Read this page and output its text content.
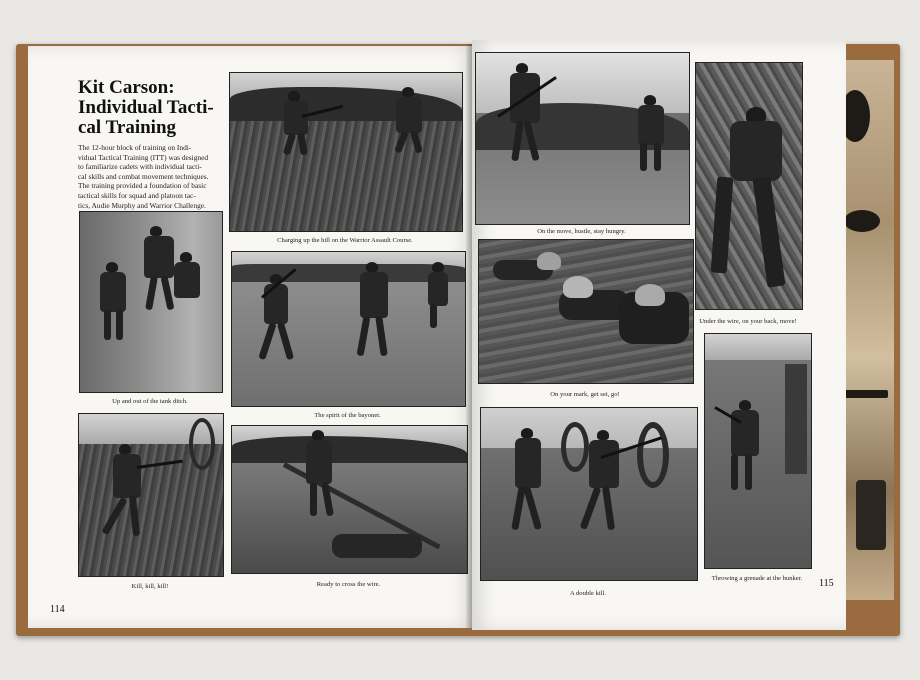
Kit Carson:
Individual Tacti-
cal Training
The 12-hour block of training on Indi-
vidual Tactical Training (ITT) was designed
to familiarize cadets with individual tacti-
cal skills and combat movement techniques.
The training provided a foundation of basic
tactical skills for squad and platoon tac-
tics, Audie Murphy and Warrior Challenge.
Charging up the hill on the Warrior Assault Course.
Up and out of the tank ditch.
The spirit of the bayonet.
Kill, kill, kill!	Ready to cross the wire.
114
On the move, hustle, stay hungry.
Under the wire, on your back, move!
On your mark, get set, go!
A double kill.
Throwing a grenade at the bunker.	115
